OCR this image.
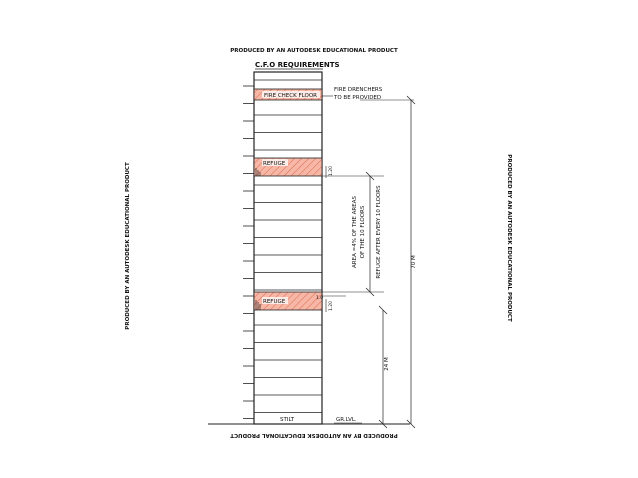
PRODUCED BY AN AUTODESK EDUCATIONAL PRODUCT
PRODUCED BY AN AUTODESK EDUCATIONAL PRODUCT
PRODUCED BY AN AUTODESK EDUCATIONAL PRODUCT	PRODUCED BY AN AUTODESK EDUCATIONAL PRODUCT
C.F.O REQUIREMENTS
FIRE CHECK FLOOR
REFUGE
REFUGE
STILT	GR.LVL.
FIRE DRENCHERS
TO BE PROVIDED
1.20
1.20
1.0
AREA =4% OF THE AREAS OF THE 10 FLOORS REFUGE AFTER EVERY 10 FLOORS
24 M
70 M
